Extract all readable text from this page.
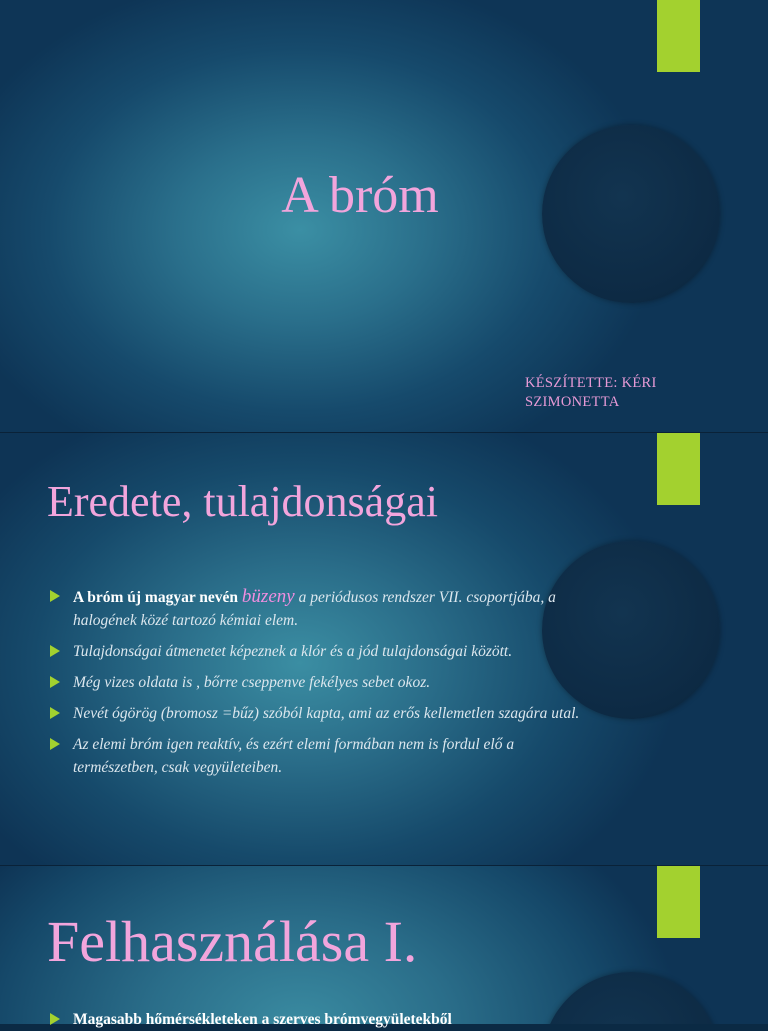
A bróm
KÉSZÍTETTE: KÉRI
SZIMONETTA
Eredete, tulajdonságai
A bróm új magyar nevén büzeny a periódusos rendszer VII. csoportjába, a halogének közé tartozó kémiai elem.
Tulajdonságai átmenetet képeznek a klór és a jód tulajdonságai között.
Még vizes oldata is , bőrre cseppenve fekélyes sebet okoz.
Nevét ógörög (bromosz =bűz) szóból kapta, ami az erős kellemetlen szagára utal.
Az elemi bróm igen reaktív, és ezért elemi formában nem is fordul elő a természetben, csak vegyületeiben.
Felhasználása I.
Magasabb hőmérsékleteken a szerves brómvegyületekből
